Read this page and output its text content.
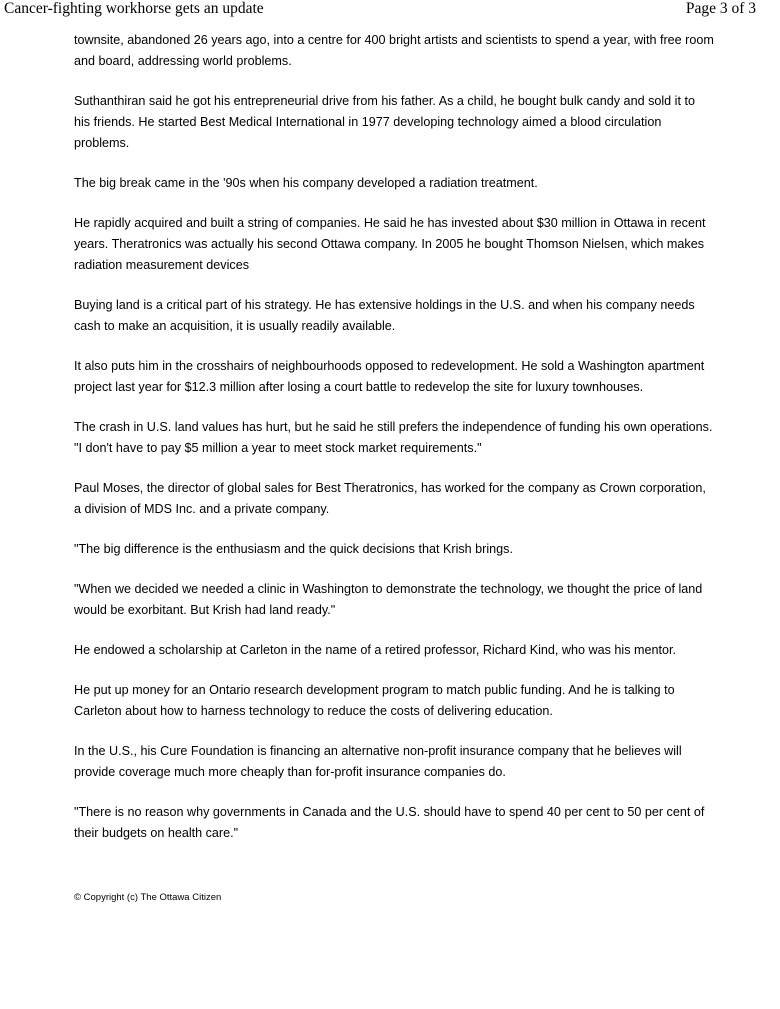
Cancer-fighting workhorse gets an update	Page 3 of 3

townsite, abandoned 26 years ago, into a centre for 400 bright artists and scientists to spend a year, with free room and board, addressing world problems.

Suthanthiran said he got his entrepreneurial drive from his father. As a child, he bought bulk candy and sold it to his friends. He started Best Medical International in 1977 developing technology aimed a blood circulation problems.

The big break came in the '90s when his company developed a radiation treatment.

He rapidly acquired and built a string of companies. He said he has invested about $30 million in Ottawa in recent years. Theratronics was actually his second Ottawa company. In 2005 he bought Thomson Nielsen, which makes radiation measurement devices

Buying land is a critical part of his strategy. He has extensive holdings in the U.S. and when his company needs cash to make an acquisition, it is usually readily available.

It also puts him in the crosshairs of neighbourhoods opposed to redevelopment. He sold a Washington apartment project last year for $12.3 million after losing a court battle to redevelop the site for luxury townhouses.

The crash in U.S. land values has hurt, but he said he still prefers the independence of funding his own operations. "I don't have to pay $5 million a year to meet stock market requirements."

Paul Moses, the director of global sales for Best Theratronics, has worked for the company as Crown corporation, a division of MDS Inc. and a private company.

"The big difference is the enthusiasm and the quick decisions that Krish brings.

"When we decided we needed a clinic in Washington to demonstrate the technology, we thought the price of land would be exorbitant. But Krish had land ready."

He endowed a scholarship at Carleton in the name of a retired professor, Richard Kind, who was his mentor.

He put up money for an Ontario research development program to match public funding. And he is talking to Carleton about how to harness technology to reduce the costs of delivering education.

In the U.S., his Cure Foundation is financing an alternative non-profit insurance company that he believes will provide coverage much more cheaply than for-profit insurance companies do.

"There is no reason why governments in Canada and the U.S. should have to spend 40 per cent to 50 per cent of their budgets on health care."

© Copyright (c) The Ottawa Citizen
